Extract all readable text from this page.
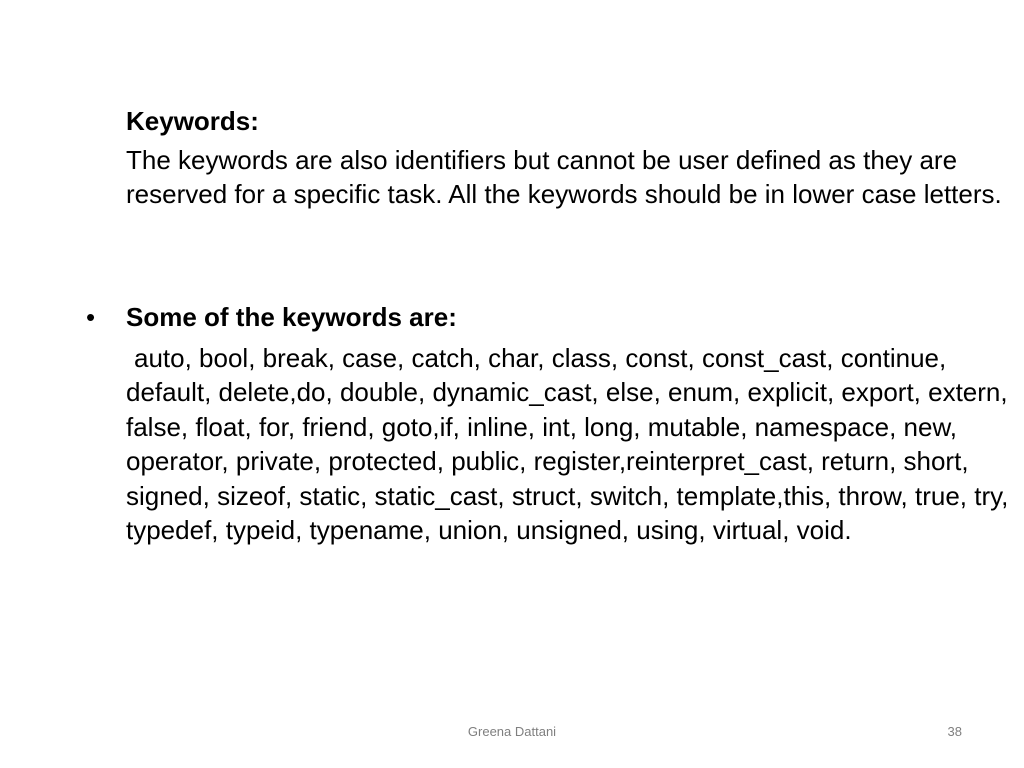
Keywords:

The keywords are also identifiers but cannot be user defined as they are reserved for a specific task. All the keywords should be in lower case letters.

• Some of the keywords are:

auto, bool, break, case, catch, char, class, const, const_cast, continue, default, delete,do, double, dynamic_cast, else, enum, explicit, export, extern, false, float, for, friend, goto,if, inline, int, long, mutable, namespace, new, operator, private, protected, public, register,reinterpret_cast, return, short, signed, sizeof, static, static_cast, struct, switch, template,this, throw, true, try, typedef, typeid, typename, union, unsigned, using, virtual, void.

Greena Dattani	38
